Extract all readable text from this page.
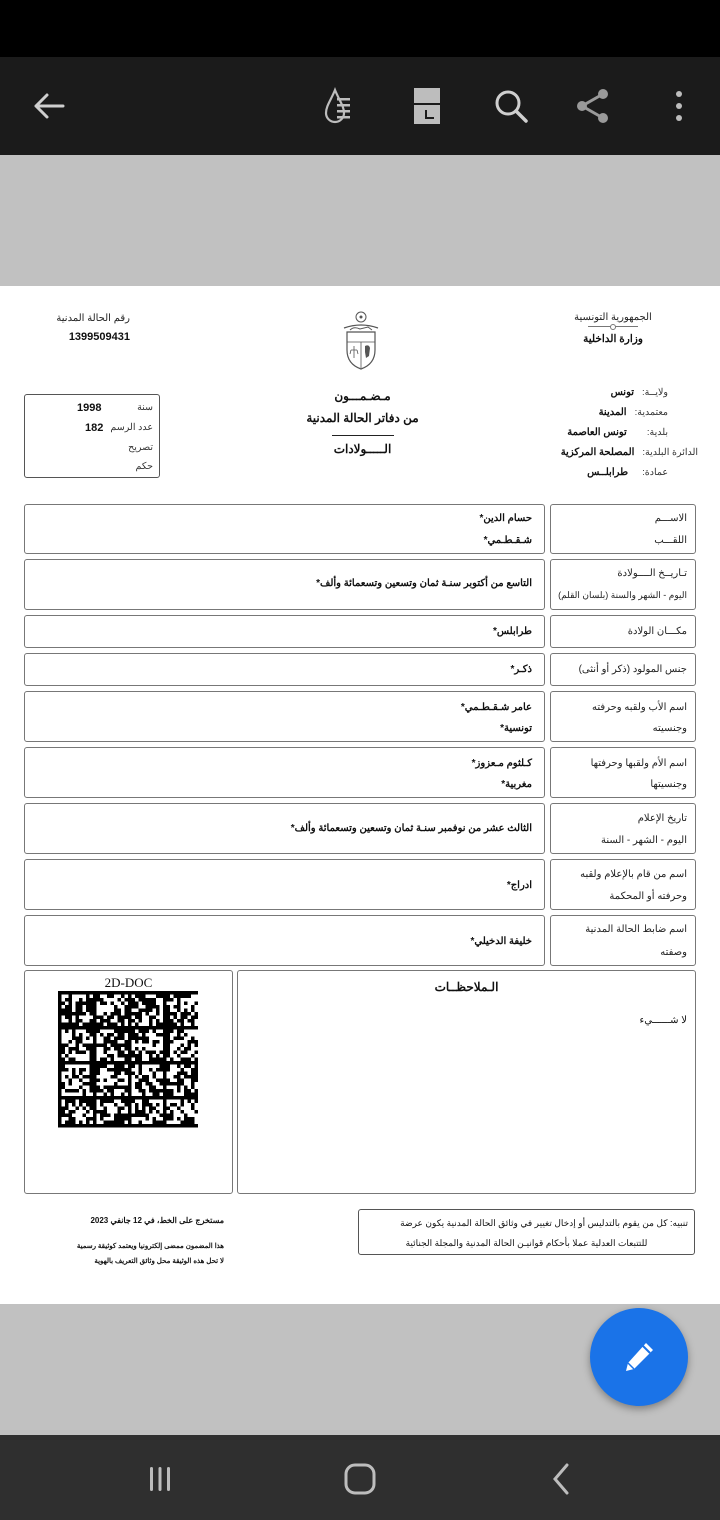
الجمهورية التونسية
وزارة الداخلية
رقم الحالة المدنية
1399509431
مـضـمـــون
من دفاتر الحالة المدنية
الـــــولادات
ولايــة:
تونس
معتمدية:
المدينة
بلدية:
تونس العاصمة
الدائرة البلدية:
المصلحة المركزية
عمادة:
طرابلــس
سنة
1998
عدد الرسم
182
تصريح
حكم
الاســـم
اللقـــب
حسام الدين*
شـقـطـمي*
تـاريــخ الــــولادة
اليوم - الشهر والسنة (بلسان القلم)
التاسع من أكتوبر سنـة ثمان وتسعين وتسعمائة وألف*
مكـــان الولادة
طرابلس*
جنس المولود (ذكر أو أنثى)
ذكـر*
اسم الأب ولقبه وحرفته
وجنسيته
عامر شـقـطـمي*
تونسية*
اسم الأم ولقبها وحرفتها
وجنسيتها
كـلثوم مـعزوز*
مغربية*
تاريخ الإعلام
اليوم - الشهر - السنة
الثالث عشر من نوفمبر سنـة ثمان وتسعين وتسعمائة وألف*
اسم من قام بالإعلام ولقبه
وحرفته أو المحكمة
ادراج*
اسم ضابط الحالة المدنية
وصفته
خليفة الدخيلي*
2D-DOC	الـملاحظــات
لا شــــــيء
مستخرج على الخط، في 12 جانفي 2023
هذا المضمون ممضى إلكترونيا ويعتمد كوثيقة رسمية
لا تحل هذه الوثيقة محل وثائق التعريف بالهوية
تنبيه: كل من يقوم بالتدليس أو إدخال تغيير في وثائق الحالة المدنية يكون عرضة
للتتبعات العدلية عملا بأحكام قوانيـن الحالة المدنية والمجلة الجنائية
